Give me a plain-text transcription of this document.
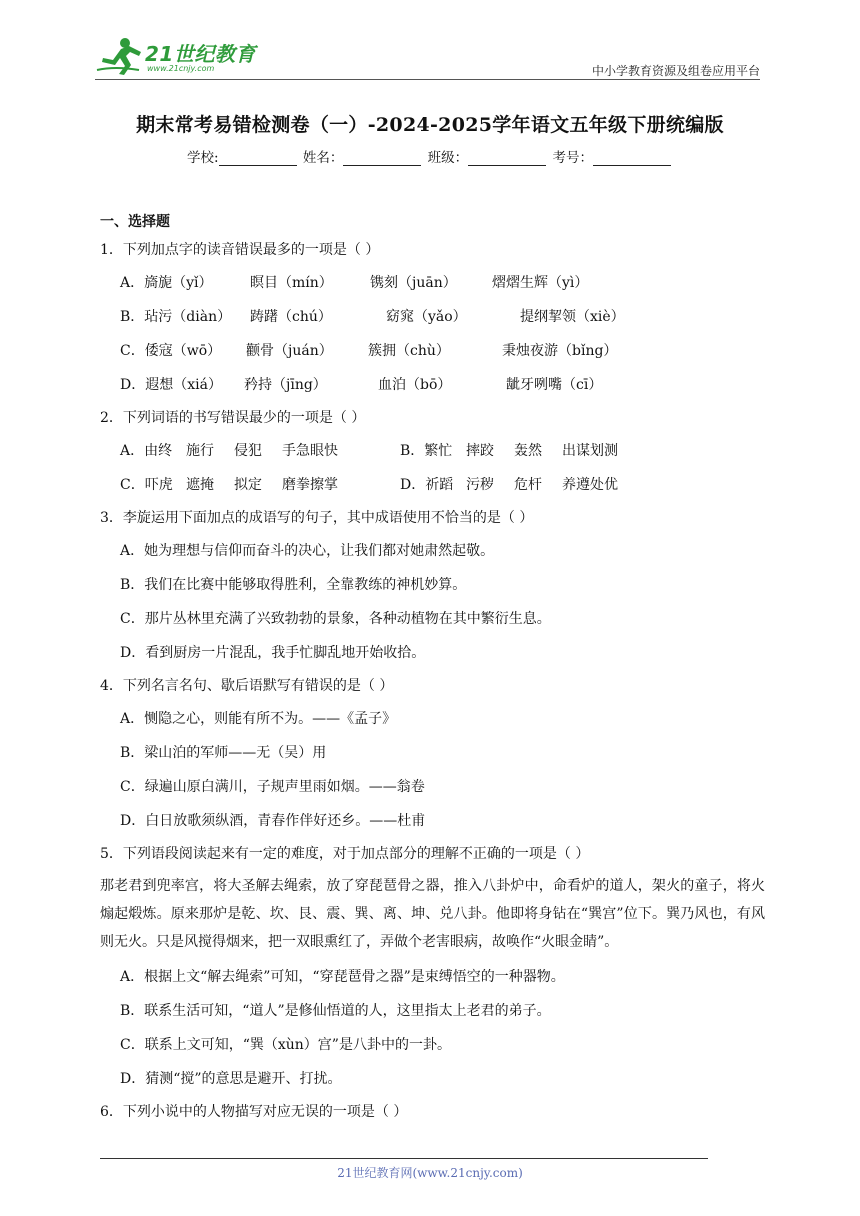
21世纪教育
www.21cnjy.com	中小学教育资源及组卷应用平台
期末常考易错检测卷（一）-2024-2025学年语文五年级下册统编版
学校:	姓名：	班级：	考号：
一、选择题
1．下列加点字的读音错误最多的一项是（ ）
A．旖旎（yǐ）	瞑目（mín）	镌刻（juān）	熠熠生辉（yì）
B．玷污（diàn） 踌躇（chú）	窈窕（yǎo）	提纲挈领（xiè）
C．倭寇（wō） 颧骨（juán）	簇拥（chù）	秉烛夜游（bǐng）
D．遐想（xiá） 矜持（jīng）	血泊（bō）	龇牙咧嘴（cī）
2．下列词语的书写错误最少的一项是（ ）
A．由终 施行 侵犯 手急眼快	B．繁忙 摔跤 轰然 出谋划测
C．吓虎 遮掩 拟定 磨拳擦掌	D．祈蹈 污秽 危杆 养遵处优
3．李旋运用下面加点的成语写的句子，其中成语使用不恰当的是（ ）
A．她为理想与信仰而奋斗的决心，让我们都对她肃然起敬。
B．我们在比赛中能够取得胜利，全靠教练的神机妙算。
C．那片丛林里充满了兴致勃勃的景象，各种动植物在其中繁衍生息。
D．看到厨房一片混乱，我手忙脚乱地开始收拾。
4．下列名言名句、歇后语默写有错误的是（ ）
A．恻隐之心，则能有所不为。——《孟子》
B．梁山泊的军师——无（吴）用
C．绿遍山原白满川，子规声里雨如烟。——翁卷
D．白日放歌须纵酒，青春作伴好还乡。——杜甫
5．下列语段阅读起来有一定的难度，对于加点部分的理解不正确的一项是（ ）
那老君到兜率宫，将大圣解去绳索，放了穿琵琶骨之器，推入八卦炉中，命看炉的道人，架火的童子，将火煽起煅炼。原来那炉是乾、坎、艮、震、巽、离、坤、兑八卦。他即将身钻在“巽宫”位下。巽乃风也，有风则无火。只是风搅得烟来，把一双眼熏红了，弄做个老害眼病，故唤作“火眼金睛”。
A．根据上文“解去绳索”可知，“穿琵琶骨之器”是束缚悟空的一种器物。
B．联系生活可知，“道人”是修仙悟道的人，这里指太上老君的弟子。
C．联系上文可知，“巽（xùn）宫”是八卦中的一卦。
D．猜测“搅”的意思是避开、打扰。
6．下列小说中的人物描写对应无误的一项是（ ）
21世纪教育网(www.21cnjy.com)
